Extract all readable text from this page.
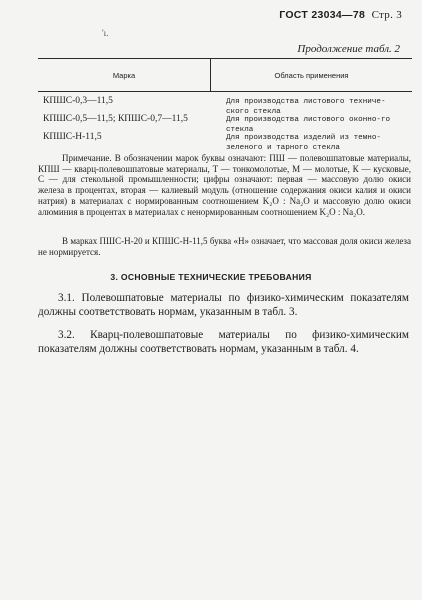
ГОСТ 23034—78 Стр. 3
'ı.
Продолжение табл. 2
Марка	Область применения
КПШС-0,3—11,5	Для производства листового техниче-ского стекла
КПШС-0,5—11,5; КПШС-0,7—11,5	Для производства листового оконно-го стекла
КПШС-Н-11,5	Для производства изделий из темно-зеленого и тарного стекла
Примечание. В обозначении марок буквы означают: ПШ — полевошпатовые материалы, КПШ — кварц-полевошпатовые материалы, Т — тонкомолотые, М — молотые, К — кусковые, С — для стекольной промышленности; цифры означают: первая — массовую долю окиси железа в процентах, вторая — калиевый модуль (отношение содержания окиси калия и окиси натрия) в материалах с нормированным соотношением K₂O : Na₂O и массовую долю окиси алюминия в процентах в материалах с ненормированным соотношением K₂O : Na₂O.
В марках ПШС-Н-20 и КПШС-Н-11,5 буква «Н» означает, что массовая доля окиси железа не нормируется.
3. ОСНОВНЫЕ ТЕХНИЧЕСКИЕ ТРЕБОВАНИЯ
3.1. Полевошпатовые материалы по физико-химическим показателям должны соответствовать нормам, указанным в табл. 3.
3.2. Кварц-полевошпатовые материалы по физико-химическим показателям должны соответствовать нормам, указанным в табл. 4.
